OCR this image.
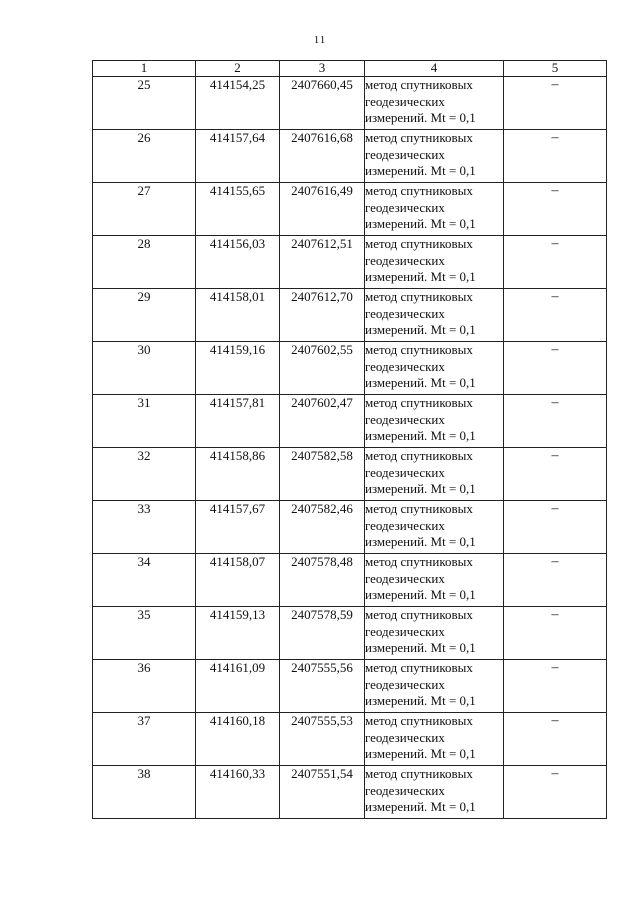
11
1	2	3	4	5
25	414154,25	2407660,45	метод спутниковых
геодезических
измерений. Mt = 0,1	–
26	414157,64	2407616,68	метод спутниковых
геодезических
измерений. Mt = 0,1	–
27	414155,65	2407616,49	метод спутниковых
геодезических
измерений. Mt = 0,1	–
28	414156,03	2407612,51	метод спутниковых
геодезических
измерений. Mt = 0,1	–
29	414158,01	2407612,70	метод спутниковых
геодезических
измерений. Mt = 0,1	–
30	414159,16	2407602,55	метод спутниковых
геодезических
измерений. Mt = 0,1	–
31	414157,81	2407602,47	метод спутниковых
геодезических
измерений. Mt = 0,1	–
32	414158,86	2407582,58	метод спутниковых
геодезических
измерений. Mt = 0,1	–
33	414157,67	2407582,46	метод спутниковых
геодезических
измерений. Mt = 0,1	–
34	414158,07	2407578,48	метод спутниковых
геодезических
измерений. Mt = 0,1	–
35	414159,13	2407578,59	метод спутниковых
геодезических
измерений. Mt = 0,1	–
36	414161,09	2407555,56	метод спутниковых
геодезических
измерений. Mt = 0,1	–
37	414160,18	2407555,53	метод спутниковых
геодезических
измерений. Mt = 0,1	–
38	414160,33	2407551,54	метод спутниковых
геодезических
измерений. Mt = 0,1	–
